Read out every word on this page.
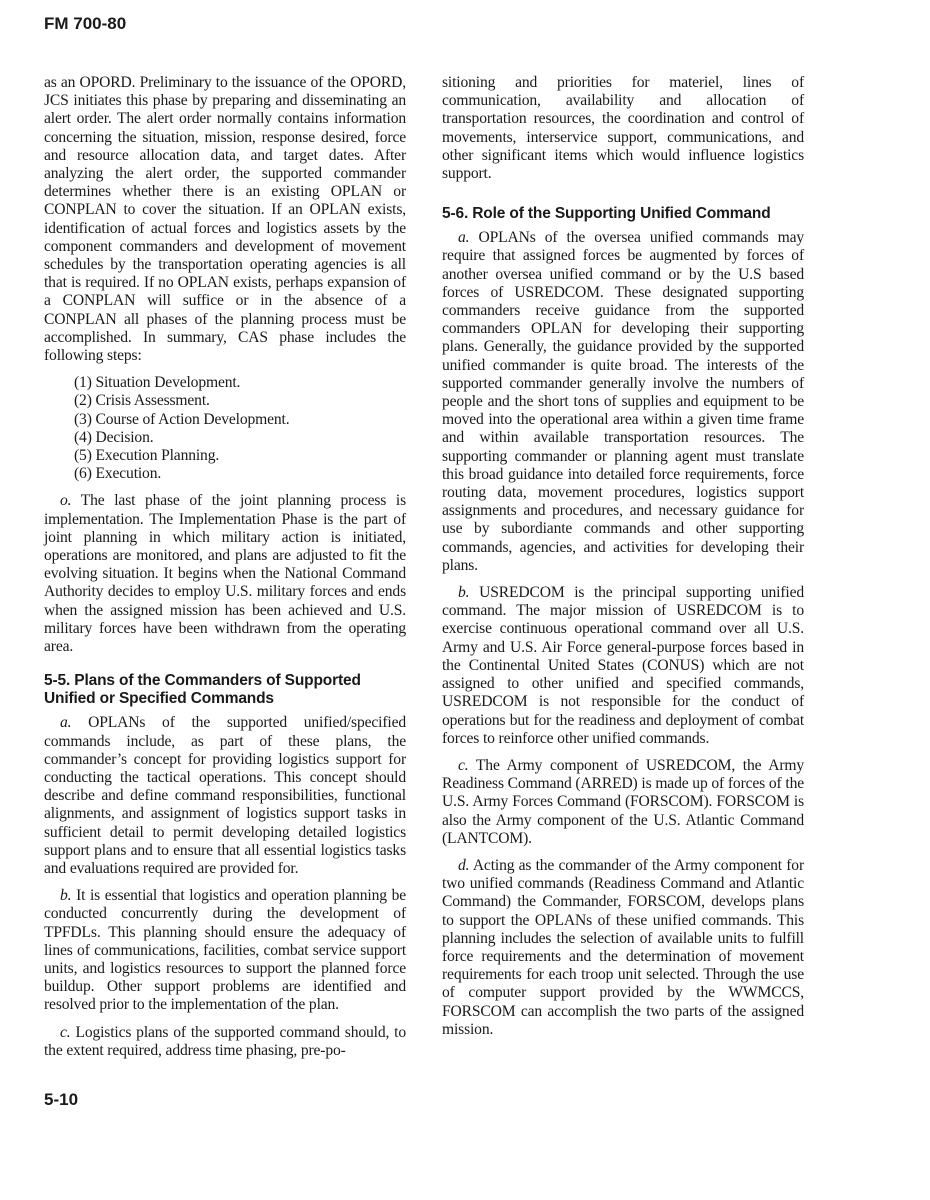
FM 700-80

as an OPORD. Preliminary to the issuance of the OPORD, JCS initiates this phase by preparing and disseminating an alert order. The alert order normally contains information concerning the situation, mission, response desired, force and resource allocation data, and target dates. After analyzing the alert order, the supported commander determines whether there is an existing OPLAN or CONPLAN to cover the situation. If an OPLAN exists, identification of actual forces and logistics assets by the component commanders and development of movement schedules by the transportation operating agencies is all that is required. If no OPLAN exists, perhaps expansion of a CONPLAN will suffice or in the absence of a CONPLAN all phases of the planning process must be accomplished. In summary, CAS phase includes the following steps:

(1) Situation Development.
(2) Crisis Assessment.
(3) Course of Action Development.
(4) Decision.
(5) Execution Planning.
(6) Execution.

o. The last phase of the joint planning process is implementation. The Implementation Phase is the part of joint planning in which military action is initiated, operations are monitored, and plans are adjusted to fit the evolving situation. It begins when the National Command Authority decides to employ U.S. military forces and ends when the assigned mission has been achieved and U.S. military forces have been withdrawn from the operating area.

5-5. Plans of the Commanders of Supported Unified or Specified Commands

a. OPLANs of the supported unified/specified commands include, as part of these plans, the commander’s concept for providing logistics support for conducting the tactical operations. This concept should describe and define command responsibilities, functional alignments, and assignment of logistics support tasks in sufficient detail to permit developing detailed logistics support plans and to ensure that all essential logistics tasks and evaluations required are provided for.

b. It is essential that logistics and operation planning be conducted concurrently during the development of TPFDLs. This planning should ensure the adequacy of lines of communications, facilities, combat service support units, and logistics resources to support the planned force buildup. Other support problems are identified and resolved prior to the implementation of the plan.

c. Logistics plans of the supported command should, to the extent required, address time phasing, pre-po-

sitioning and priorities for materiel, lines of communication, availability and allocation of transportation resources, the coordination and control of movements, interservice support, communications, and other significant items which would influence logistics support.

5-6. Role of the Supporting Unified Command

a. OPLANs of the oversea unified commands may require that assigned forces be augmented by forces of another oversea unified command or by the U.S based forces of USREDCOM. These designated supporting commanders receive guidance from the supported commanders OPLAN for developing their supporting plans. Generally, the guidance provided by the supported unified commander is quite broad. The interests of the supported commander generally involve the numbers of people and the short tons of supplies and equipment to be moved into the operational area within a given time frame and within available transportation resources. The supporting commander or planning agent must translate this broad guidance into detailed force requirements, force routing data, movement procedures, logistics support assignments and procedures, and necessary guidance for use by subordiante commands and other supporting commands, agencies, and activities for developing their plans.

b. USREDCOM is the principal supporting unified command. The major mission of USREDCOM is to exercise continuous operational command over all U.S. Army and U.S. Air Force general-purpose forces based in the Continental United States (CONUS) which are not assigned to other unified and specified commands, USREDCOM is not responsible for the conduct of operations but for the readiness and deployment of combat forces to reinforce other unified commands.

c. The Army component of USREDCOM, the Army Readiness Command (ARRED) is made up of forces of the U.S. Army Forces Command (FORSCOM). FORSCOM is also the Army component of the U.S. Atlantic Command (LANTCOM).

d. Acting as the commander of the Army component for two unified commands (Readiness Command and Atlantic Command) the Commander, FORSCOM, develops plans to support the OPLANs of these unified commands. This planning includes the selection of available units to fulfill force requirements and the determination of movement requirements for each troop unit selected. Through the use of computer support provided by the WWMCCS, FORSCOM can accomplish the two parts of the assigned mission.

5-10
